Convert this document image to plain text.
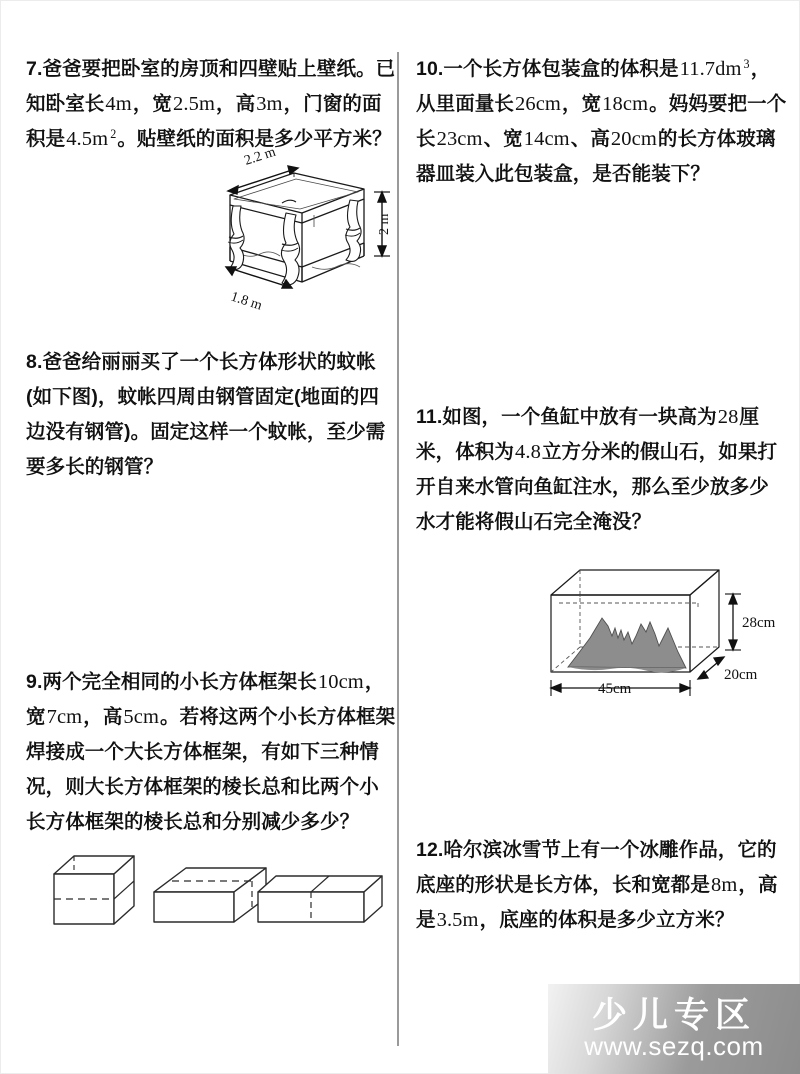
7.爸爸要把卧室的房顶和四壁贴上壁纸。已知卧室长4m，宽2.5m，高3m，门窗的面积是4.5m $^2$。贴壁纸的面积是多少平方米？
8.爸爸给丽丽买了一个长方体形状的蚊帐(如下图)，蚊帐四周由钢管固定(地面的四边没有钢管)。固定这样一个蚊帐，至少需要多长的钢管？
2.2 m
2 m
1.8 m
9.两个完全相同的小长方体框架长10cm，宽7cm，高5cm。若将这两个小长方体框架焊接成一个大长方体框架，有如下三种情况，则大长方体框架的棱长总和比两个小长方体框架的棱长总和分别减少多少？
10.一个长方体包装盒的体积是11.7dm $^3$，从里面量长26cm，宽18cm。妈妈要把一个长23cm、宽14cm、高20cm的长方体玻璃器皿装入此包装盒，是否能装下？
11.如图，一个鱼缸中放有一块高为28厘米，体积为4.8立方分米的假山石，如果打开自来水管向鱼缸注水，那么至少放多少水才能将假山石完全淹没？
28cm
20cm
45cm
12.哈尔滨冰雪节上有一个冰雕作品，它的底座的形状是长方体，长和宽都是8m，高是3.5m，底座的体积是多少立方米？
少儿专区
www.sezq.com
